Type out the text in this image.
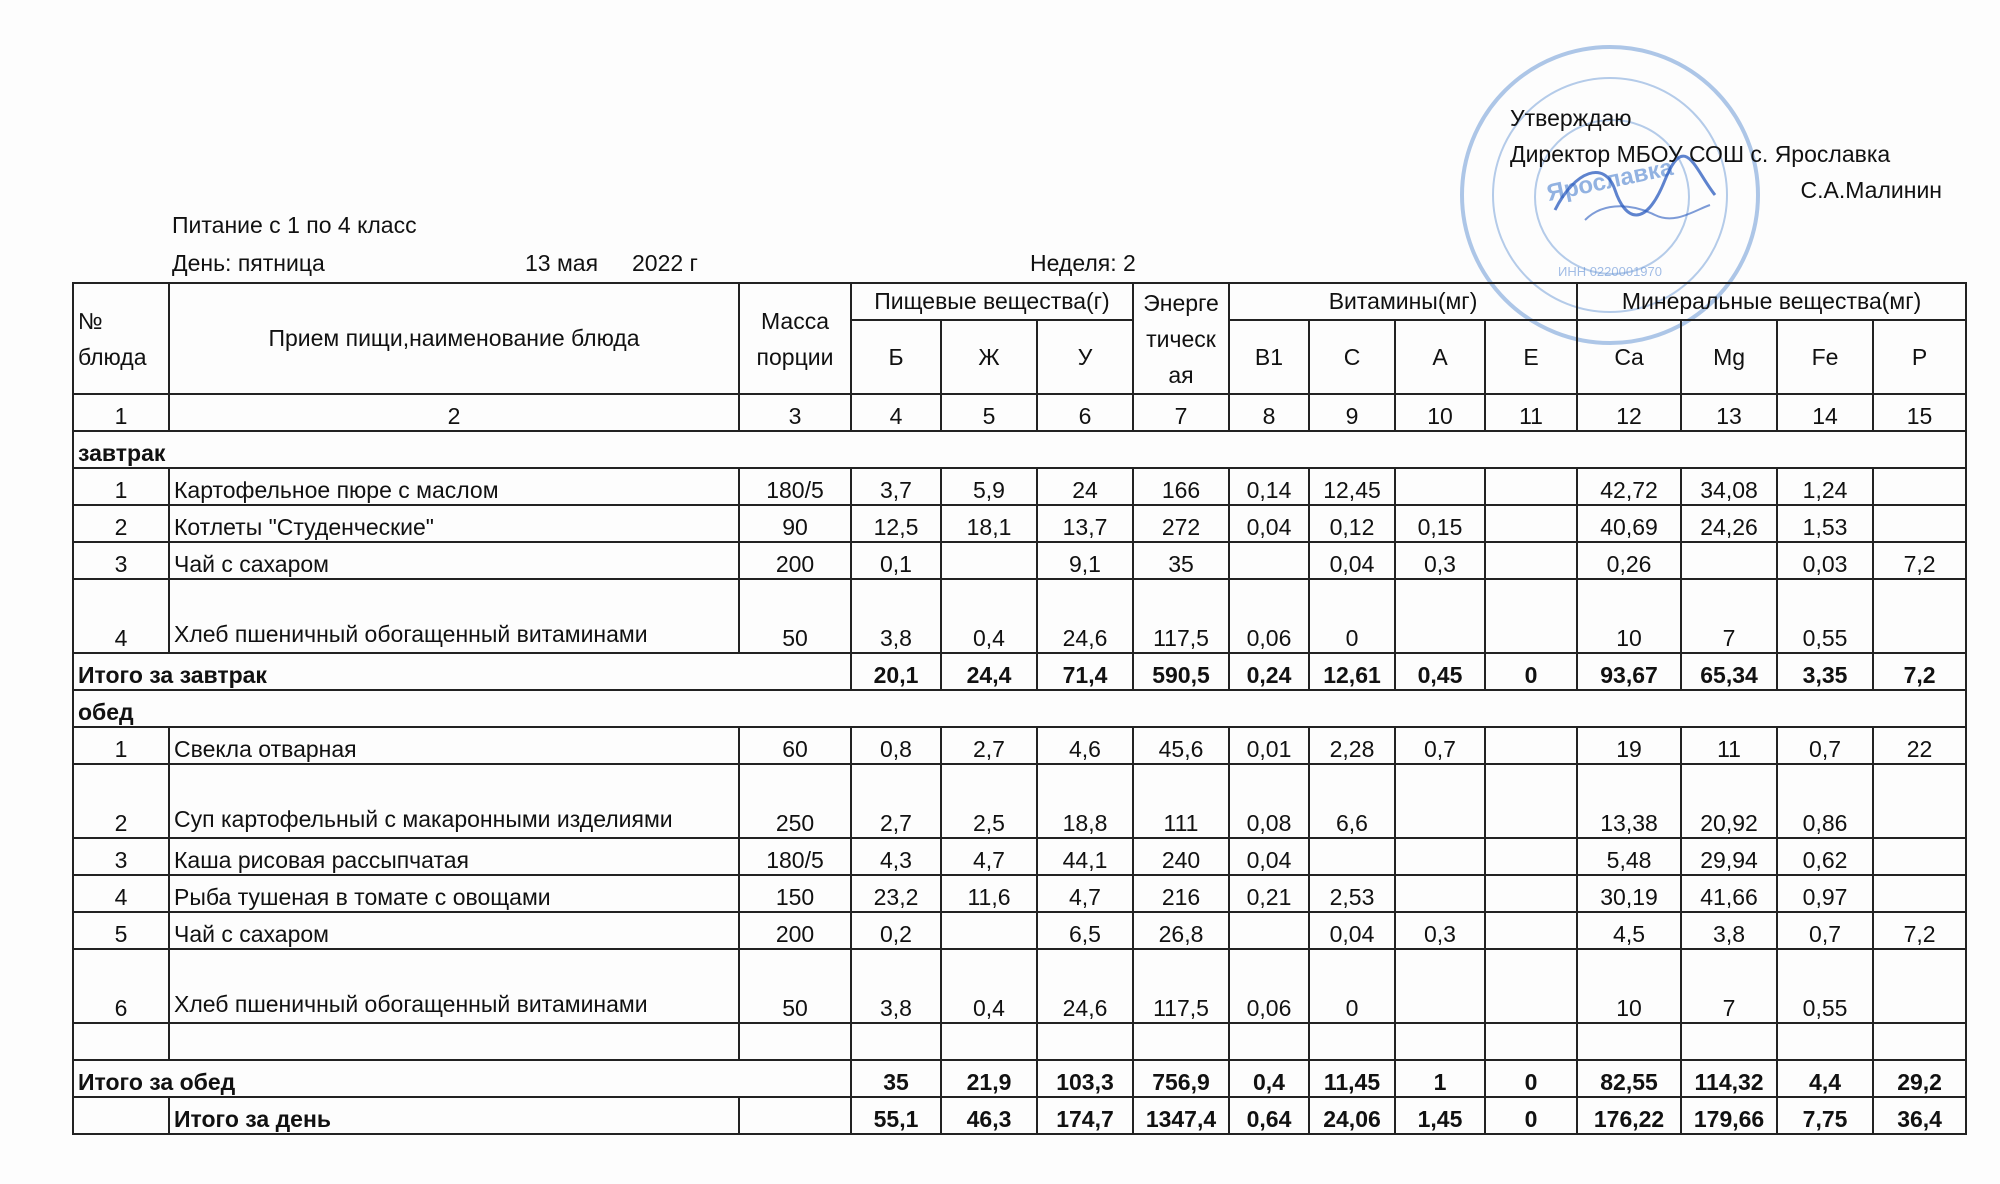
Ярославка
ИНН 0220001970
Утверждаю
Директор МБОУ СОШ с. Ярославка
С.А.Малинин
Питание с 1 по 4 класс
День: пятница	13 мая 2022 г	Неделя: 2
№ блюда	Прием пищи,наименование блюда	Масса порции	Пищевые вещества(г)			Энерге тическ ая	Витамины(мг)				Минеральные вещества(мг)			
			Б	Ж	У		B1	C	A	E	Ca	Mg	Fe	P
1	2	3	4	5	6	7	8	9	10	11	12	13	14	15
завтрак														
1	Картофельное пюре с маслом	180/5	3,7	5,9	24	166	0,14	12,45			42,72	34,08	1,24	
2	Котлеты "Студенческие"	90	12,5	18,1	13,7	272	0,04	0,12	0,15		40,69	24,26	1,53	
3	Чай с сахаром	200	0,1		9,1	35		0,04	0,3		0,26		0,03	7,2
4	Хлеб пшеничный обогащенный витаминами	50	3,8	0,4	24,6	117,5	0,06	0			10	7	0,55	
Итого за завтрак			20,1	24,4	71,4	590,5	0,24	12,61	0,45	0	93,67	65,34	3,35	7,2
обед														
1	Свекла отварная	60	0,8	2,7	4,6	45,6	0,01	2,28	0,7		19	11	0,7	22
2	Суп картофельный с макаронными изделиями	250	2,7	2,5	18,8	111	0,08	6,6			13,38	20,92	0,86	
3	Каша рисовая рассыпчатая	180/5	4,3	4,7	44,1	240	0,04				5,48	29,94	0,62	
4	Рыба тушеная в томате с овощами	150	23,2	11,6	4,7	216	0,21	2,53			30,19	41,66	0,97	
5	Чай с сахаром	200	0,2		6,5	26,8		0,04	0,3		4,5	3,8	0,7	7,2
6	Хлеб пшеничный обогащенный витаминами	50	3,8	0,4	24,6	117,5	0,06	0			10	7	0,55	

Итого за обед			35	21,9	103,3	756,9	0,4	11,45	1	0	82,55	114,32	4,4	29,2
	Итого за день		55,1	46,3	174,7	1347,4	0,64	24,06	1,45	0	176,22	179,66	7,75	36,4
